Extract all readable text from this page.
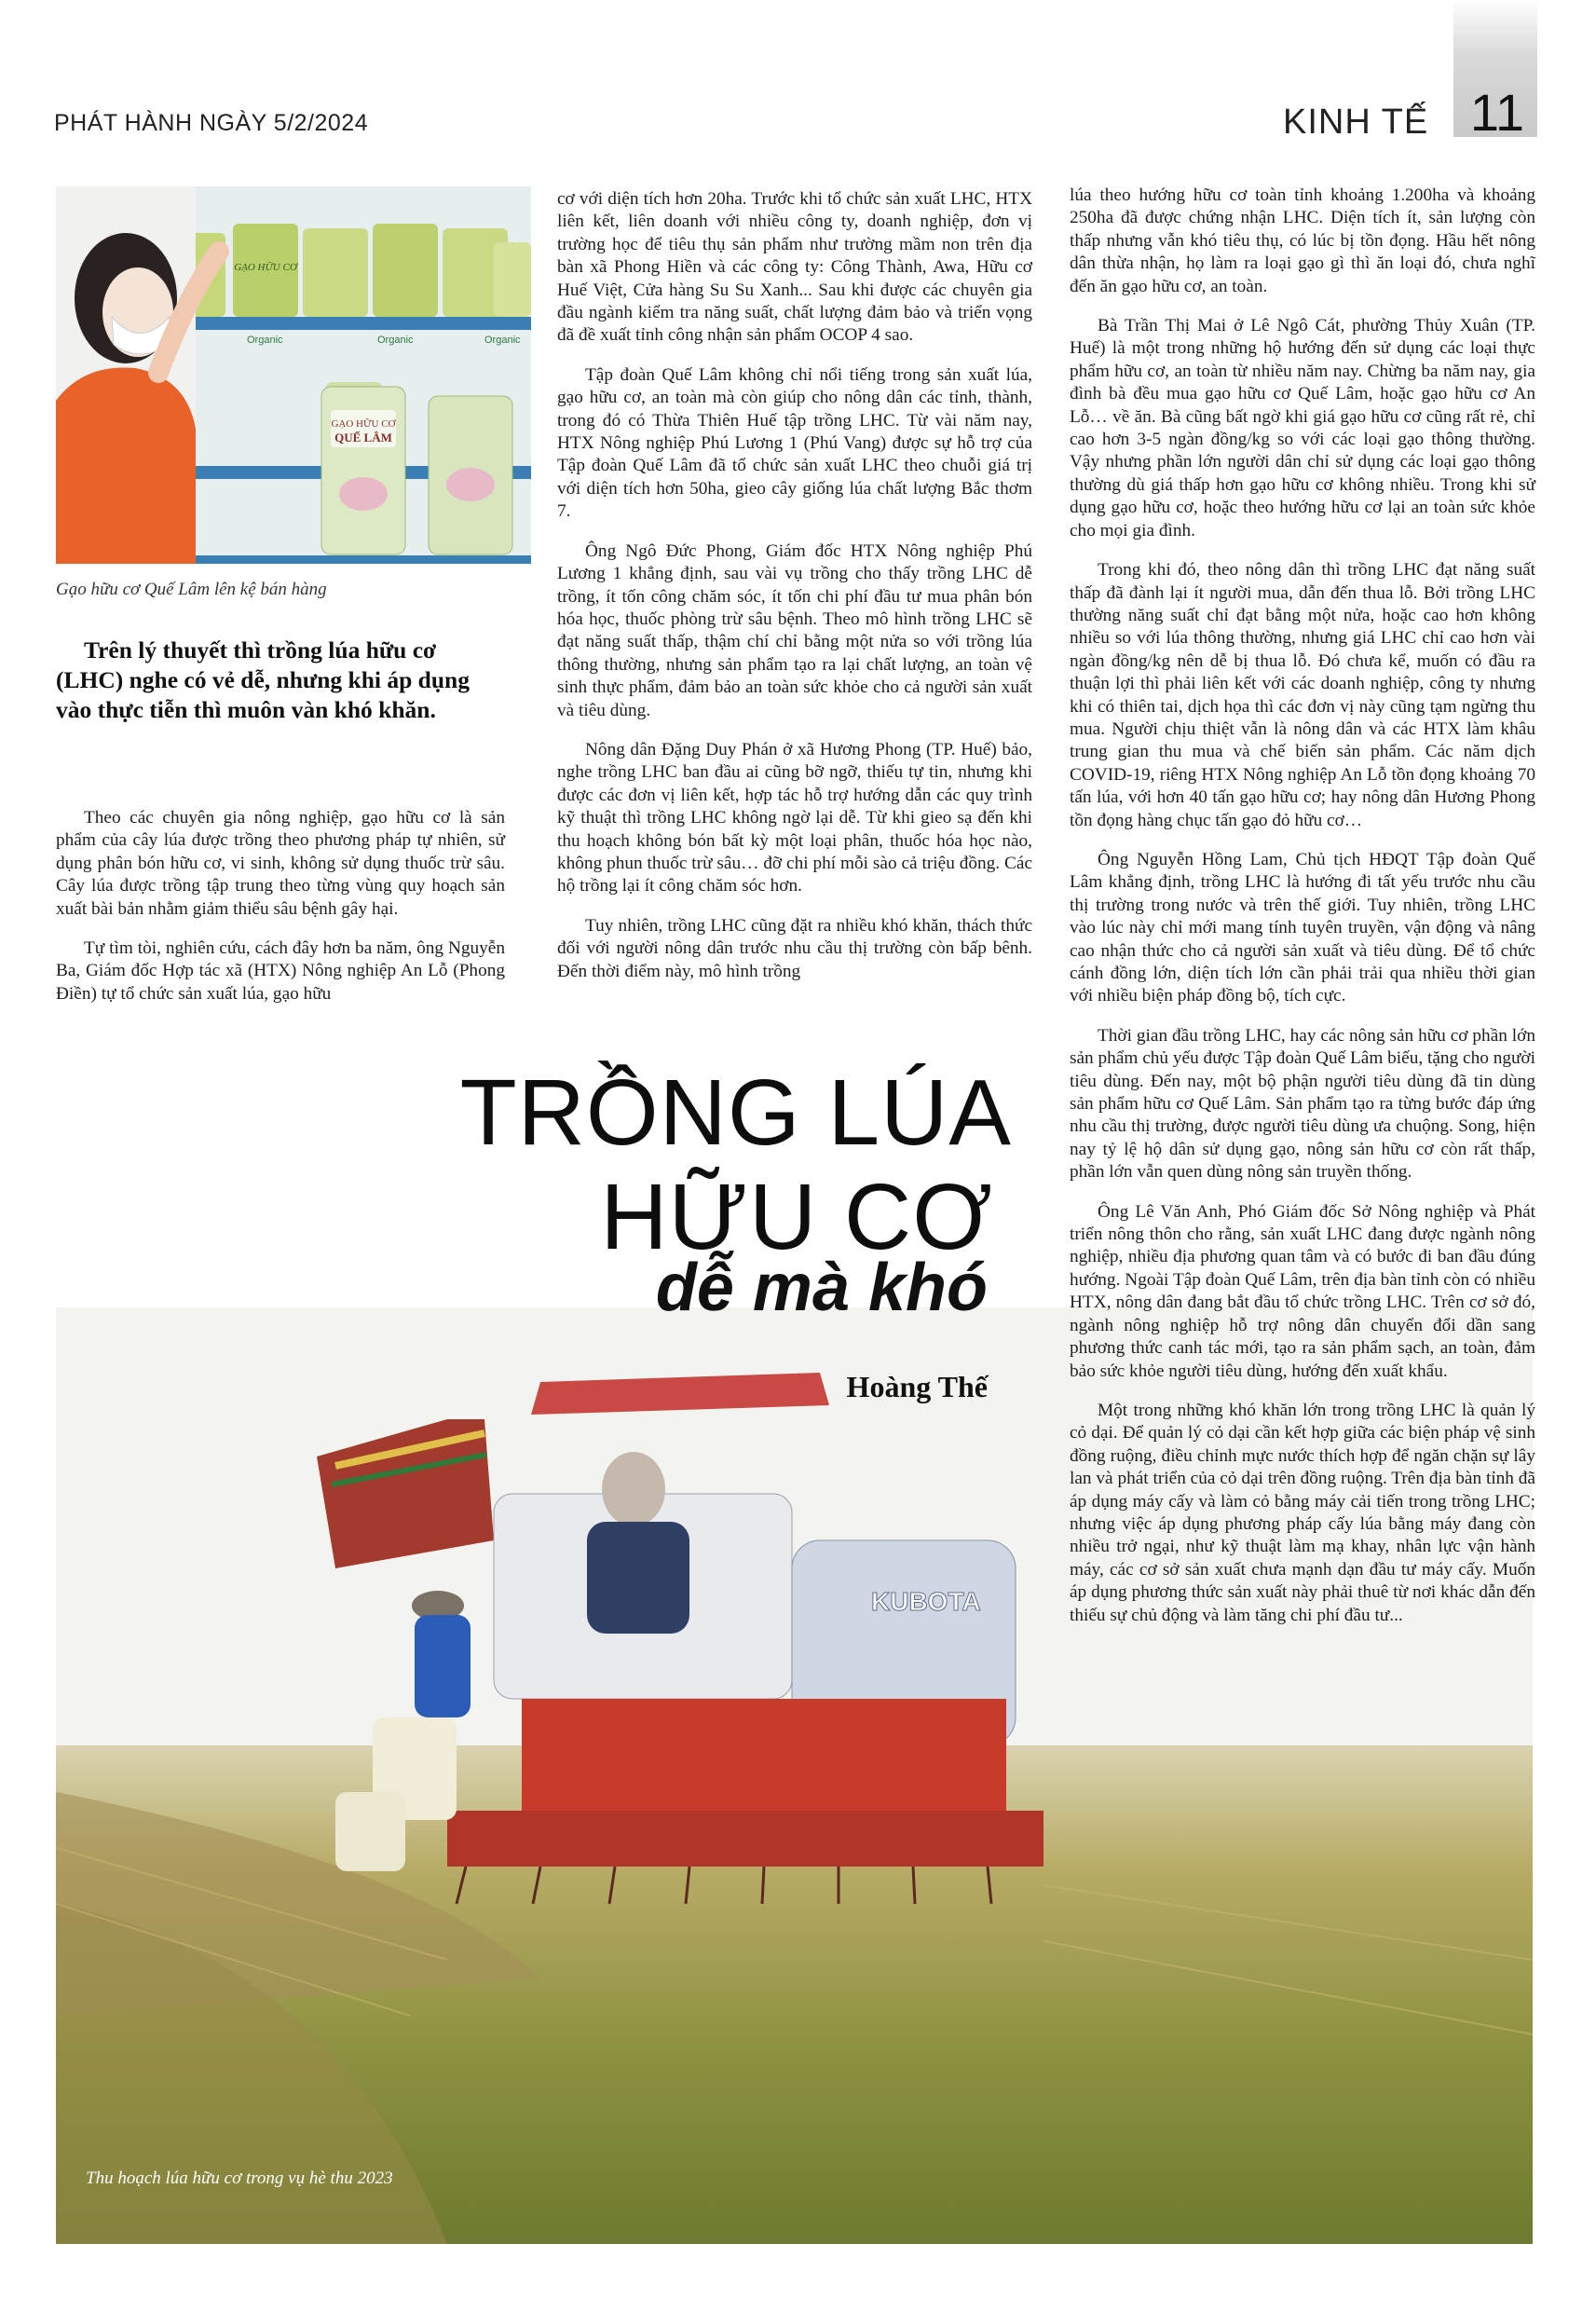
PHÁT HÀNH NGÀY 5/2/2024	KINH TẾ 11
GẠO HỮU CƠ
Organic	Organic	Organic
GẠO HỮU CƠ
QUẾ LÂM
Gạo hữu cơ Quế Lâm lên kệ bán hàng
Trên lý thuyết thì trồng lúa hữu cơ (LHC) nghe có vẻ dễ, nhưng khi áp dụng vào thực tiễn thì muôn vàn khó khăn.

Theo các chuyên gia nông nghiệp, gạo hữu cơ là sản phẩm của cây lúa được trồng theo phương pháp tự nhiên, sử dụng phân bón hữu cơ, vi sinh, không sử dụng thuốc trừ sâu. Cây lúa được trồng tập trung theo từng vùng quy hoạch sản xuất bài bản nhằm giảm thiểu sâu bệnh gây hại.

Tự tìm tòi, nghiên cứu, cách đây hơn ba năm, ông Nguyễn Ba, Giám đốc Hợp tác xã (HTX) Nông nghiệp An Lỗ (Phong Điền) tự tổ chức sản xuất lúa, gạo hữu

cơ với diện tích hơn 20ha. Trước khi tổ chức sản xuất LHC, HTX liên kết, liên doanh với nhiều công ty, doanh nghiệp, đơn vị trường học để tiêu thụ sản phẩm như trường mầm non trên địa bàn xã Phong Hiền và các công ty: Công Thành, Awa, Hữu cơ Huế Việt, Cửa hàng Su Su Xanh... Sau khi được các chuyên gia đầu ngành kiểm tra năng suất, chất lượng đảm bảo và triển vọng đã đề xuất tỉnh công nhận sản phẩm OCOP 4 sao.

Tập đoàn Quế Lâm không chỉ nổi tiếng trong sản xuất lúa, gạo hữu cơ, an toàn mà còn giúp cho nông dân các tỉnh, thành, trong đó có Thừa Thiên Huế tập trồng LHC. Từ vài năm nay, HTX Nông nghiệp Phú Lương 1 (Phú Vang) được sự hỗ trợ của Tập đoàn Quế Lâm đã tổ chức sản xuất LHC theo chuỗi giá trị với diện tích hơn 50ha, gieo cây giống lúa chất lượng Bắc thơm 7.

Ông Ngô Đức Phong, Giám đốc HTX Nông nghiệp Phú Lương 1 khẳng định, sau vài vụ trồng cho thấy trồng LHC dễ trồng, ít tốn công chăm sóc, ít tốn chi phí đầu tư mua phân bón hóa học, thuốc phòng trừ sâu bệnh. Theo mô hình trồng LHC sẽ đạt năng suất thấp, thậm chí chỉ bằng một nửa so với trồng lúa thông thường, nhưng sản phẩm tạo ra lại chất lượng, an toàn vệ sinh thực phẩm, đảm bảo an toàn sức khỏe cho cả người sản xuất và tiêu dùng.

Nông dân Đặng Duy Phán ở xã Hương Phong (TP. Huế) bảo, nghe trồng LHC ban đầu ai cũng bỡ ngỡ, thiếu tự tin, nhưng khi được các đơn vị liên kết, hợp tác hỗ trợ hướng dẫn các quy trình kỹ thuật thì trồng LHC không ngờ lại dễ. Từ khi gieo sạ đến khi thu hoạch không bón bất kỳ một loại phân, thuốc hóa học nào, không phun thuốc trừ sâu… đỡ chi phí mỗi sào cả triệu đồng. Các hộ trồng lại ít công chăm sóc hơn.

Tuy nhiên, trồng LHC cũng đặt ra nhiều khó khăn, thách thức đối với người nông dân trước nhu cầu thị trường còn bấp bênh. Đến thời điểm này, mô hình trồng

KUBOTA
Thu hoạch lúa hữu cơ trong vụ hè thu 2023

lúa theo hướng hữu cơ toàn tỉnh khoảng 1.200ha và khoảng 250ha đã được chứng nhận LHC. Diện tích ít, sản lượng còn thấp nhưng vẫn khó tiêu thụ, có lúc bị tồn đọng. Hầu hết nông dân thừa nhận, họ làm ra loại gạo gì thì ăn loại đó, chưa nghĩ đến ăn gạo hữu cơ, an toàn.

Bà Trần Thị Mai ở Lê Ngô Cát, phường Thủy Xuân (TP. Huế) là một trong những hộ hướng đến sử dụng các loại thực phẩm hữu cơ, an toàn từ nhiều năm nay. Chừng ba năm nay, gia đình bà đều mua gạo hữu cơ Quế Lâm, hoặc gạo hữu cơ An Lỗ… về ăn. Bà cũng bất ngờ khi giá gạo hữu cơ cũng rất rẻ, chỉ cao hơn 3-5 ngàn đồng/kg so với các loại gạo thông thường. Vậy nhưng phần lớn người dân chỉ sử dụng các loại gạo thông thường dù giá thấp hơn gạo hữu cơ không nhiều. Trong khi sử dụng gạo hữu cơ, hoặc theo hướng hữu cơ lại an toàn sức khỏe cho mọi gia đình.

Trong khi đó, theo nông dân thì trồng LHC đạt năng suất thấp đã đành lại ít người mua, dẫn đến thua lỗ. Bởi trồng LHC thường năng suất chỉ đạt bằng một nửa, hoặc cao hơn không nhiều so với lúa thông thường, nhưng giá LHC chỉ cao hơn vài ngàn đồng/kg nên dễ bị thua lỗ. Đó chưa kể, muốn có đầu ra thuận lợi thì phải liên kết với các doanh nghiệp, công ty nhưng khi có thiên tai, dịch họa thì các đơn vị này cũng tạm ngừng thu mua. Người chịu thiệt vẫn là nông dân và các HTX làm khâu trung gian thu mua và chế biến sản phẩm. Các năm dịch COVID-19, riêng HTX Nông nghiệp An Lỗ tồn đọng khoảng 70 tấn lúa, với hơn 40 tấn gạo hữu cơ; hay nông dân Hương Phong tồn đọng hàng chục tấn gạo đỏ hữu cơ…

Ông Nguyễn Hồng Lam, Chủ tịch HĐQT Tập đoàn Quế Lâm khẳng định, trồng LHC là hướng đi tất yếu trước nhu cầu thị trường trong nước và trên thế giới. Tuy nhiên, trồng LHC vào lúc này chỉ mới mang tính tuyên truyền, vận động và nâng cao nhận thức cho cả người sản xuất và tiêu dùng. Để tổ chức cánh đồng lớn, diện tích lớn cần phải trải qua nhiều thời gian với nhiều biện pháp đồng bộ, tích cực.

Thời gian đầu trồng LHC, hay các nông sản hữu cơ phần lớn sản phẩm chủ yếu được Tập đoàn Quế Lâm biếu, tặng cho người tiêu dùng. Đến nay, một bộ phận người tiêu dùng đã tin dùng sản phẩm hữu cơ Quế Lâm. Sản phẩm tạo ra từng bước đáp ứng nhu cầu thị trường, được người tiêu dùng ưa chuộng. Song, hiện nay tỷ lệ hộ dân sử dụng gạo, nông sản hữu cơ còn rất thấp, phần lớn vẫn quen dùng nông sản truyền thống.

Ông Lê Văn Anh, Phó Giám đốc Sở Nông nghiệp và Phát triển nông thôn cho rằng, sản xuất LHC đang được ngành nông nghiệp, nhiều địa phương quan tâm và có bước đi ban đầu đúng hướng. Ngoài Tập đoàn Quế Lâm, trên địa bàn tỉnh còn có nhiều HTX, nông dân đang bắt đầu tổ chức trồng LHC. Trên cơ sở đó, ngành nông nghiệp hỗ trợ nông dân chuyển đổi dần sang phương thức canh tác mới, tạo ra sản phẩm sạch, an toàn, đảm bảo sức khỏe người tiêu dùng, hướng đến xuất khẩu.

Một trong những khó khăn lớn trong trồng LHC là quản lý cỏ dại. Để quản lý cỏ dại cần kết hợp giữa các biện pháp vệ sinh đồng ruộng, điều chỉnh mực nước thích hợp để ngăn chặn sự lây lan và phát triển của cỏ dại trên đồng ruộng. Trên địa bàn tỉnh đã áp dụng máy cấy và làm cỏ bằng máy cải tiến trong trồng LHC; nhưng việc áp dụng phương pháp cấy lúa bằng máy đang còn nhiều trở ngại, như kỹ thuật làm mạ khay, nhân lực vận hành máy, các cơ sở sản xuất chưa mạnh dạn đầu tư máy cấy. Muốn áp dụng phương thức sản xuất này phải thuê từ nơi khác dẫn đến thiếu sự chủ động và làm tăng chi phí đầu tư...

TRỒNG LÚA
HỮU CƠ
dễ mà khó
Hoàng Thế
